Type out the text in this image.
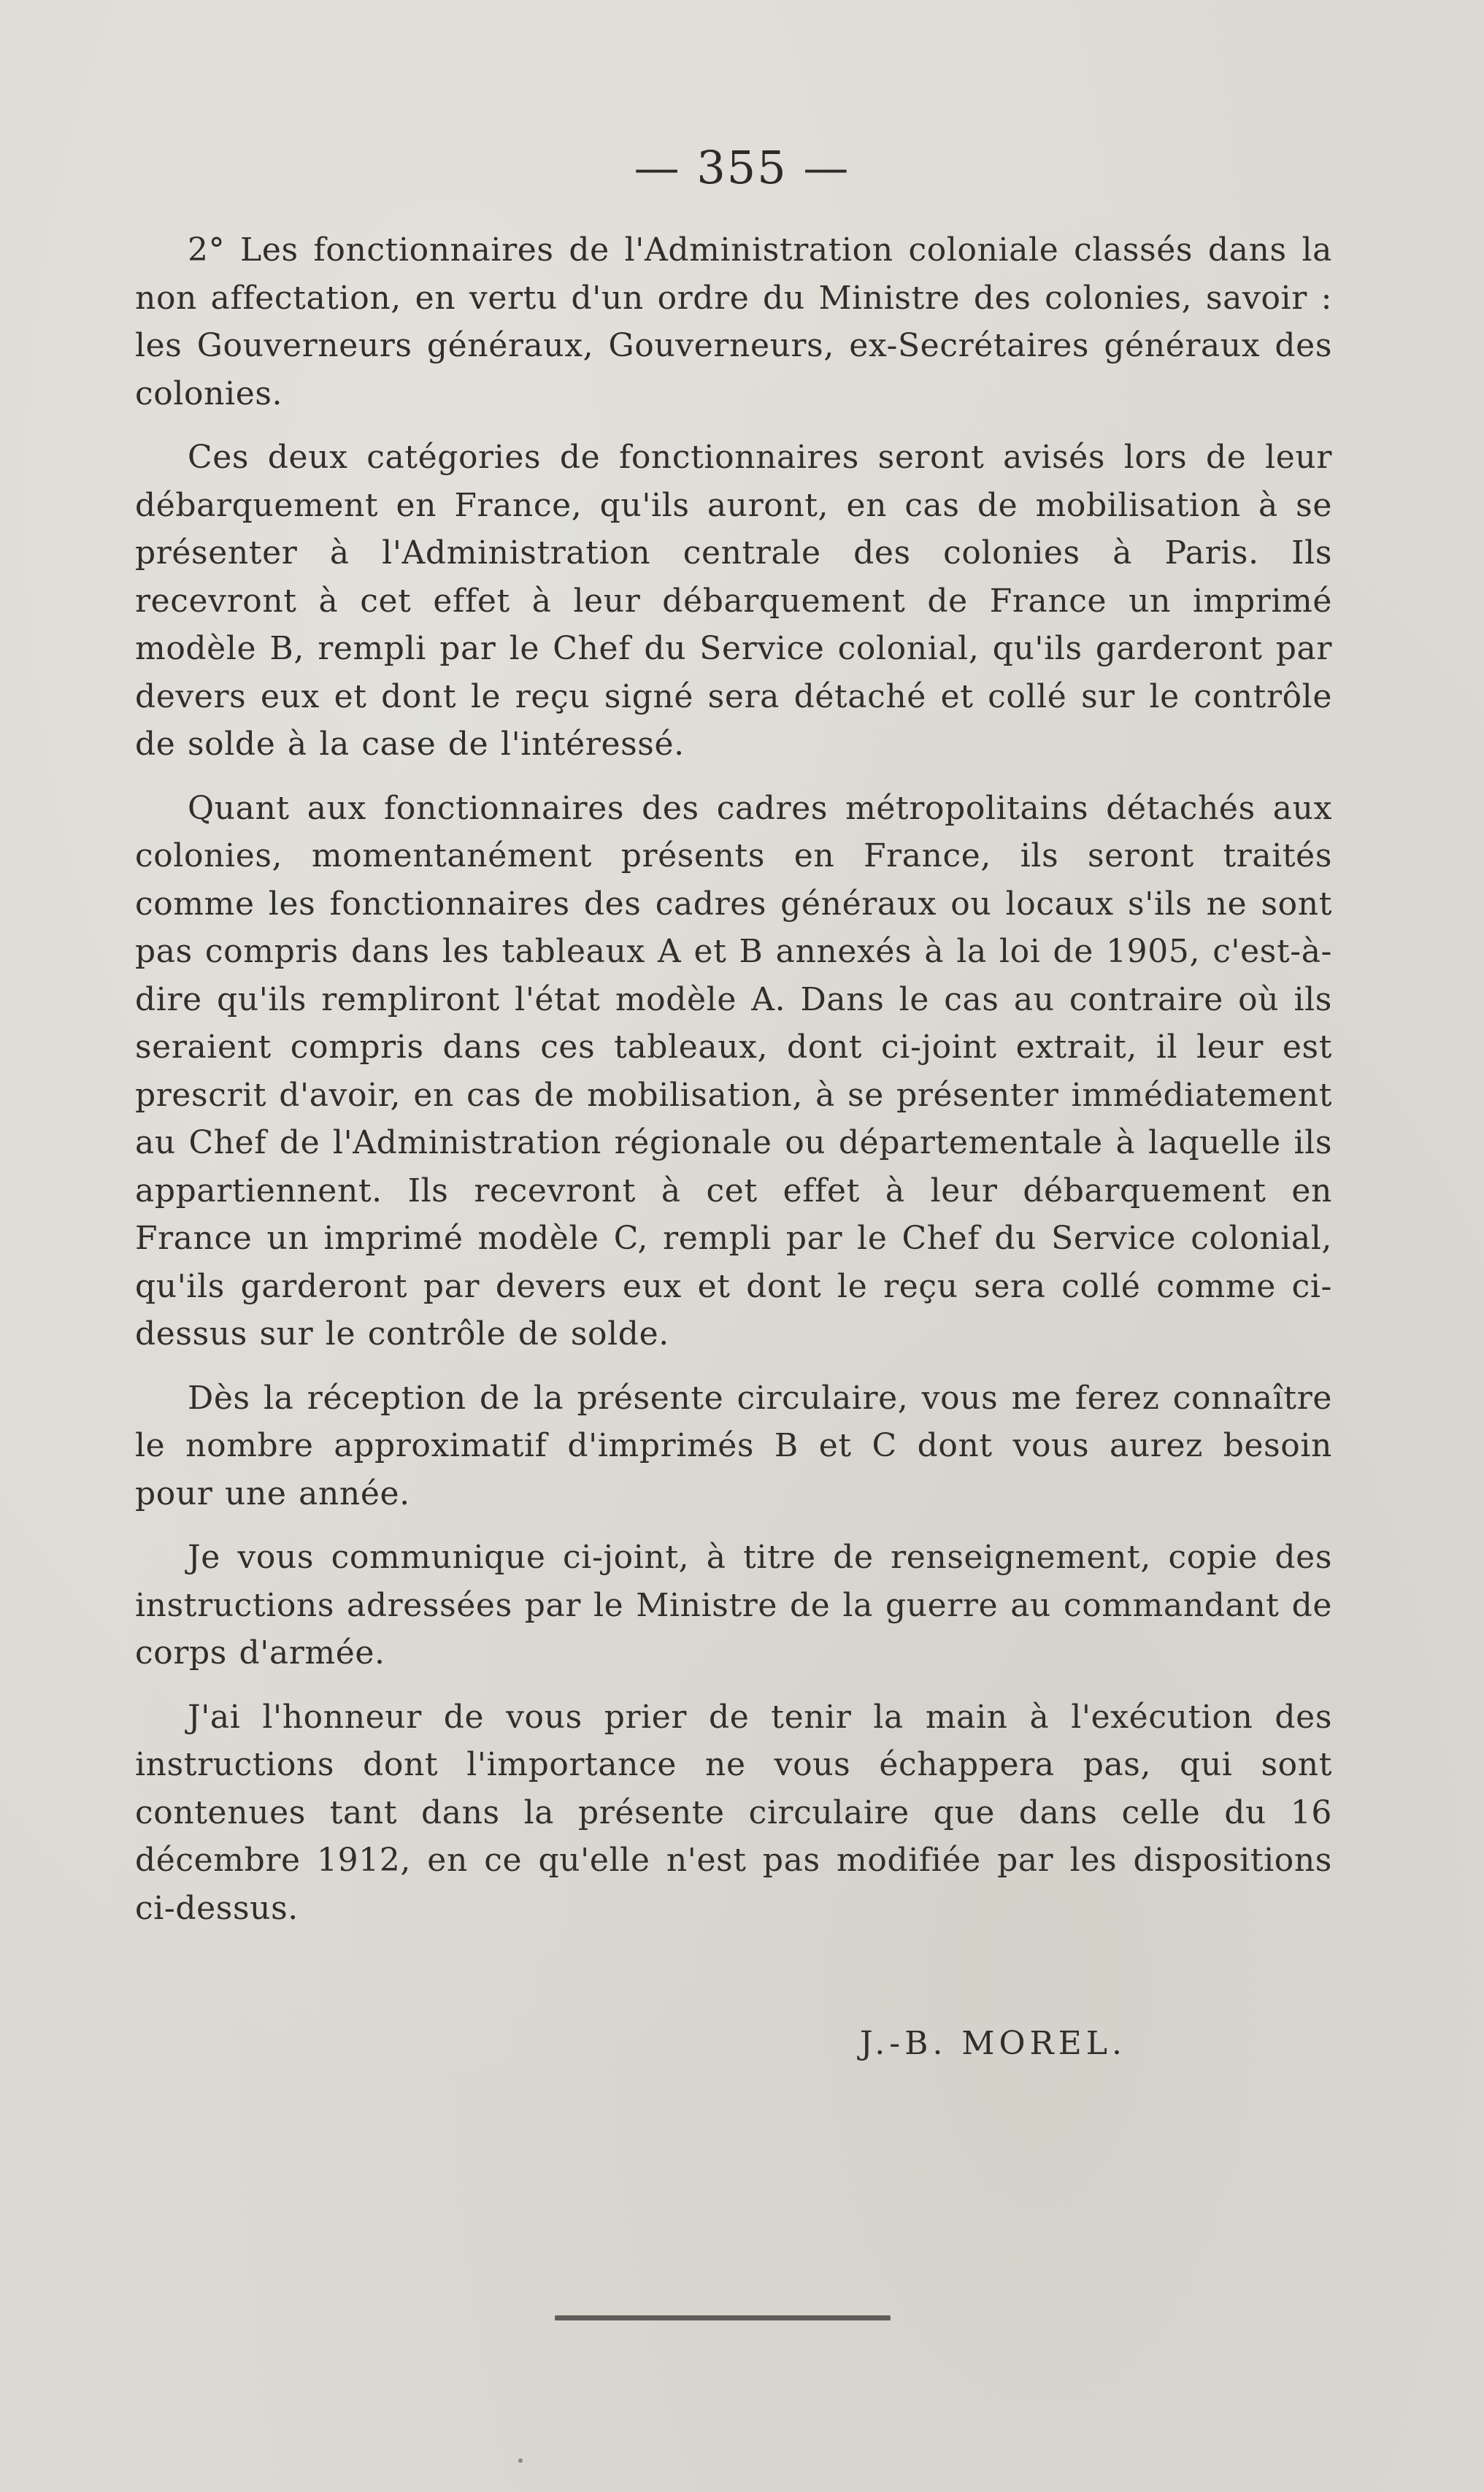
— 355 —

2° Les fonctionnaires de l'Administration coloniale classés dans la non affectation, en vertu d'un ordre du Ministre des colonies, savoir : les Gouverneurs généraux, Gouverneurs, ex-Secrétaires généraux des colonies.

Ces deux catégories de fonctionnaires seront avisés lors de leur débarquement en France, qu'ils auront, en cas de mobilisation à se présenter à l'Administration centrale des colonies à Paris. Ils recevront à cet effet à leur débarquement de France un imprimé modèle B, rempli par le Chef du Service colonial, qu'ils garderont par devers eux et dont le reçu signé sera détaché et collé sur le contrôle de solde à la case de l'intéressé.

Quant aux fonctionnaires des cadres métropolitains détachés aux colonies, momentanément présents en France, ils seront traités comme les fonctionnaires des cadres généraux ou locaux s'ils ne sont pas compris dans les tableaux A et B annexés à la loi de 1905, c'est-à-dire qu'ils rempliront l'état modèle A. Dans le cas au contraire où ils seraient compris dans ces tableaux, dont ci-joint extrait, il leur est prescrit d'avoir, en cas de mobilisation, à se présenter immédiatement au Chef de l'Administration régionale ou départementale à laquelle ils appartiennent. Ils recevront à cet effet à leur débarquement en France un imprimé modèle C, rempli par le Chef du Service colonial, qu'ils garderont par devers eux et dont le reçu sera collé comme ci-dessus sur le contrôle de solde.

Dès la réception de la présente circulaire, vous me ferez connaître le nombre approximatif d'imprimés B et C dont vous aurez besoin pour une année.

Je vous communique ci-joint, à titre de renseignement, copie des instructions adressées par le Ministre de la guerre au commandant de corps d'armée.

J'ai l'honneur de vous prier de tenir la main à l'exécution des instructions dont l'importance ne vous échappera pas, qui sont contenues tant dans la présente circulaire que dans celle du 16 décembre 1912, en ce qu'elle n'est pas modifiée par les dispositions ci-dessus.

J.-B. MOREL.
